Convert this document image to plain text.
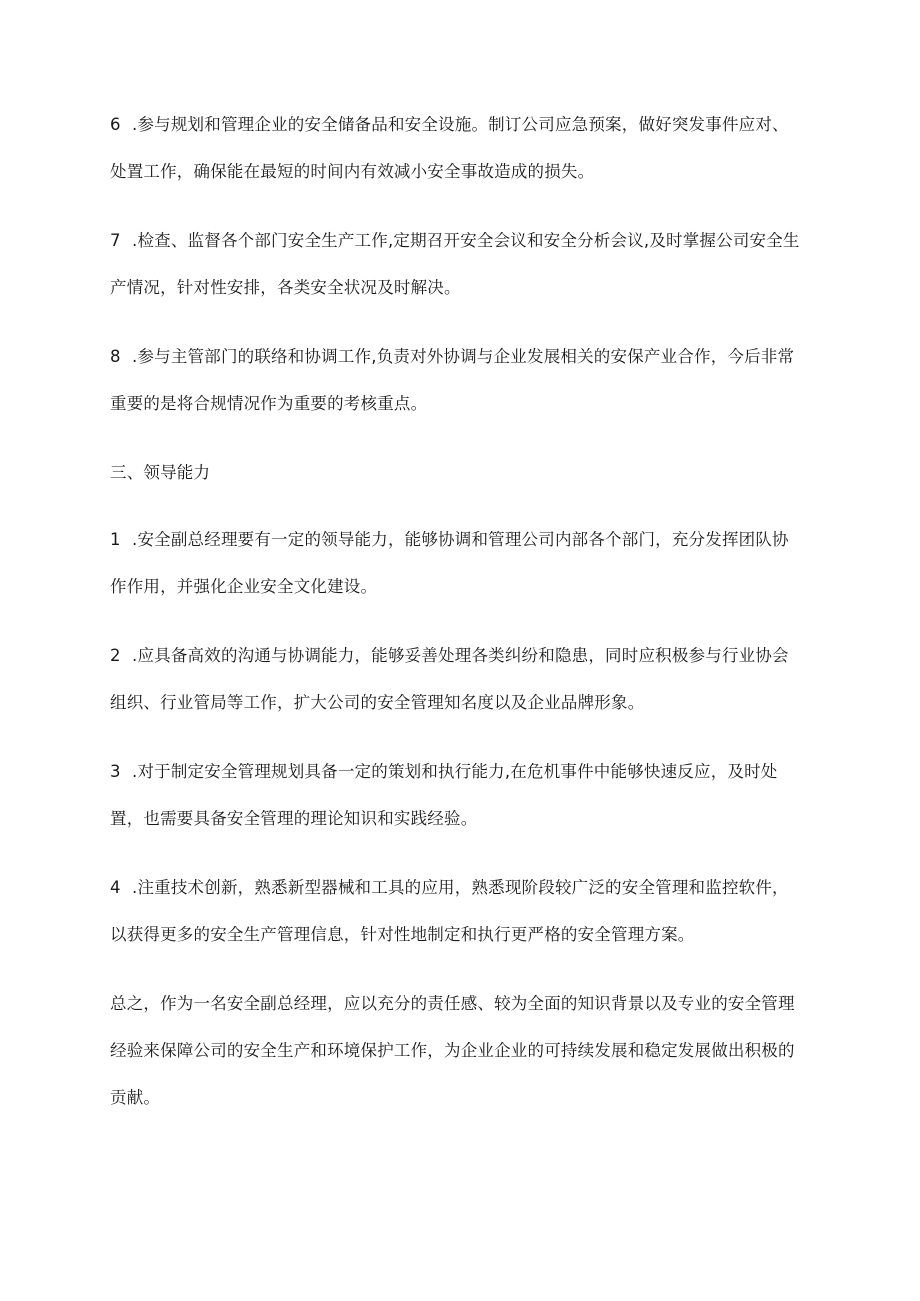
6 .参与规划和管理企业的安全储备品和安全设施。制订公司应急预案，做好突发事件应对、
处置工作，确保能在最短的时间内有效减小安全事故造成的损失。
7 .检查、监督各个部门安全生产工作,定期召开安全会议和安全分析会议,及时掌握公司安全生
产情况，针对性安排，各类安全状况及时解决。
8 .参与主管部门的联络和协调工作,负责对外协调与企业发展相关的安保产业合作，今后非常
重要的是将合规情况作为重要的考核重点。
三、领导能力
1 .安全副总经理要有一定的领导能力，能够协调和管理公司内部各个部门，充分发挥团队协
作作用，并强化企业安全文化建设。
2 .应具备高效的沟通与协调能力，能够妥善处理各类纠纷和隐患，同时应积极参与行业协会
组织、行业管局等工作，扩大公司的安全管理知名度以及企业品牌形象。
3 .对于制定安全管理规划具备一定的策划和执行能力,在危机事件中能够快速反应，及时处
置，也需要具备安全管理的理论知识和实践经验。
4 .注重技术创新，熟悉新型器械和工具的应用，熟悉现阶段较广泛的安全管理和监控软件，
以获得更多的安全生产管理信息，针对性地制定和执行更严格的安全管理方案。
总之，作为一名安全副总经理，应以充分的责任感、较为全面的知识背景以及专业的安全管理
经验来保障公司的安全生产和环境保护工作，为企业企业的可持续发展和稳定发展做出积极的
贡献。
